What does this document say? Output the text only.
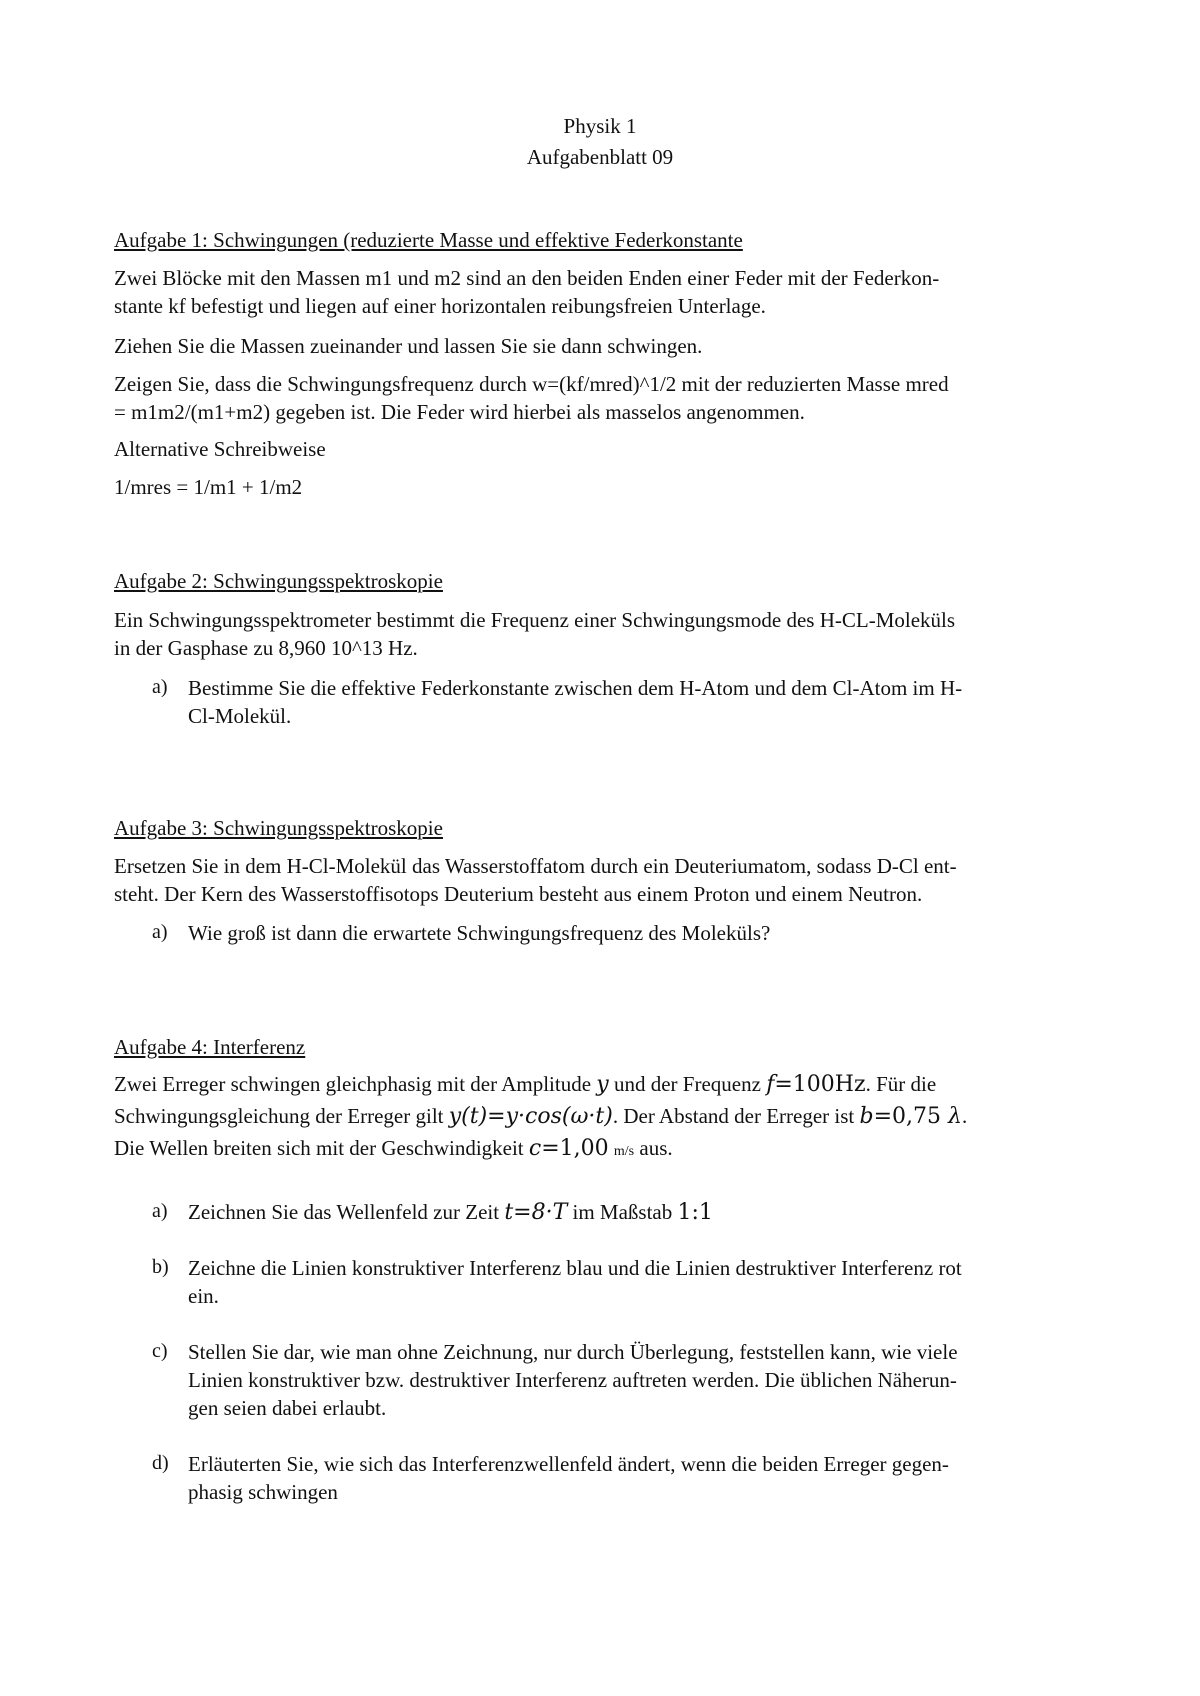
Physik 1
Aufgabenblatt 09
Aufgabe 1: Schwingungen (reduzierte Masse und effektive Federkonstante
Zwei Blöcke mit den Massen m1 und m2 sind an den beiden Enden einer Feder mit der Federkon-
stante kf befestigt und liegen auf einer horizontalen reibungsfreien Unterlage.
Ziehen Sie die Massen zueinander und lassen Sie sie dann schwingen.
Zeigen Sie, dass die Schwingungsfrequenz durch w=(kf/mred)^1/2 mit der reduzierten Masse mred
= m1m2/(m1+m2) gegeben ist. Die Feder wird hierbei als masselos angenommen.
Alternative Schreibweise
1/mres = 1/m1 + 1/m2
Aufgabe 2: Schwingungsspektroskopie
Ein Schwingungsspektrometer bestimmt die Frequenz einer Schwingungsmode des H-CL-Moleküls
in der Gasphase zu 8,960 10^13 Hz.
a) Bestimme Sie die effektive Federkonstante zwischen dem H-Atom und dem Cl-Atom im H-
Cl-Molekül.
Aufgabe 3: Schwingungsspektroskopie
Ersetzen Sie in dem H-Cl-Molekül das Wasserstoffatom durch ein Deuteriumatom, sodass D-Cl ent-
steht. Der Kern des Wasserstoffisotops Deuterium besteht aus einem Proton und einem Neutron.
a) Wie groß ist dann die erwartete Schwingungsfrequenz des Moleküls?
Aufgabe 4: Interferenz
Zwei Erreger schwingen gleichphasig mit der Amplitude y und der Frequenz f=100Hz. Für die
Schwingungsgleichung der Erreger gilt y(t)=y·cos(ω·t). Der Abstand der Erreger ist b=0,75 λ.
Die Wellen breiten sich mit der Geschwindigkeit c=1,00 m/s aus.
a) Zeichnen Sie das Wellenfeld zur Zeit t=8·T im Maßstab 1:1
b) Zeichne die Linien konstruktiver Interferenz blau und die Linien destruktiver Interferenz rot
ein.
c) Stellen Sie dar, wie man ohne Zeichnung, nur durch Überlegung, feststellen kann, wie viele
Linien konstruktiver bzw. destruktiver Interferenz auftreten werden. Die üblichen Näherun-
gen seien dabei erlaubt.
d) Erläuterten Sie, wie sich das Interferenzwellenfeld ändert, wenn die beiden Erreger gegen-
phasig schwingen
